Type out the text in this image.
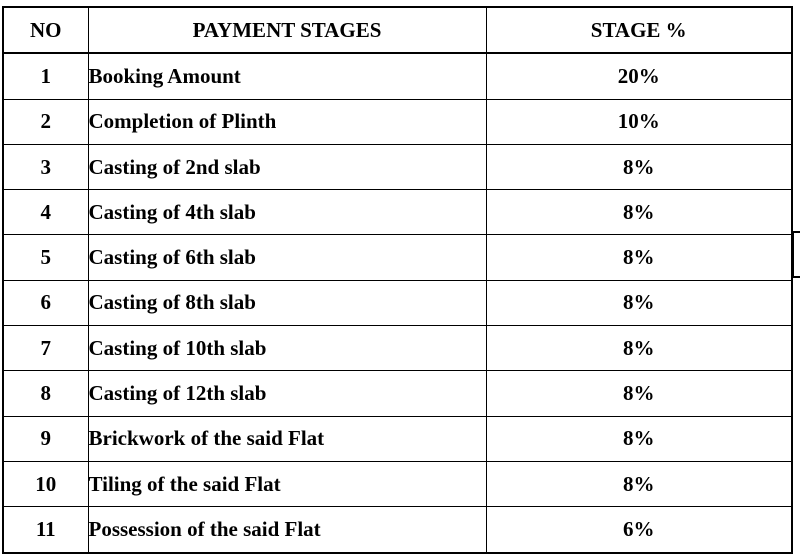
NO	PAYMENT STAGES	STAGE %
1	Booking Amount	20%
2	Completion of Plinth	10%
3	Casting of 2nd slab	8%
4	Casting of 4th slab	8%
5	Casting of 6th slab	8%
6	Casting of 8th slab	8%
7	Casting of 10th slab	8%
8	Casting of 12th slab	8%
9	Brickwork of the said Flat	8%
10	Tiling of the said Flat	8%
11	Possession of the said Flat	6%
